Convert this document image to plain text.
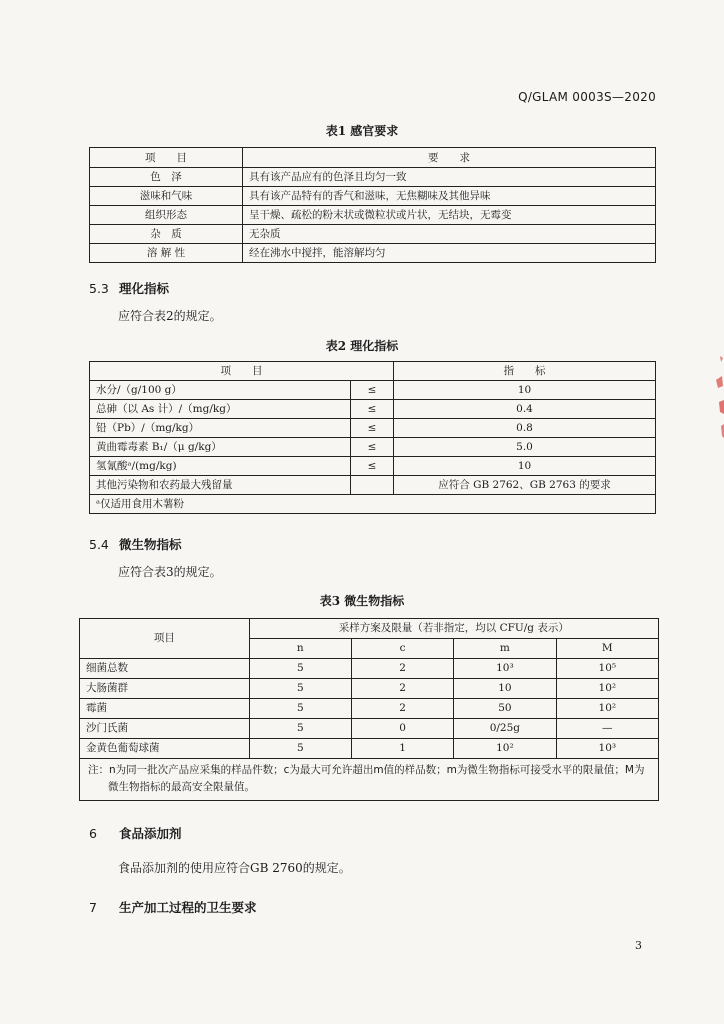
Q/GLAM 0003S—2020
表1 感官要求
项　　目	要　　求
色　泽	具有该产品应有的色泽且均匀一致
滋味和气味	具有该产品特有的香气和滋味，无焦糊味及其他异味
组织形态	呈干燥、疏松的粉末状或微粒状或片状，无结块，无霉变
杂　质	无杂质
溶 解 性	经在沸水中搅拌，能溶解均匀
5.3 理化指标
应符合表2的规定。
表2 理化指标
项　　目		指　　标
水分/（g/100 g）	≤	10
总砷（以 As 计）/（mg/kg）	≤	0.4
铅（Pb）/（mg/kg）	≤	0.8
黄曲霉毒素 B₁/（μ g/kg）	≤	5.0
氢氰酸ᵃ/(mg/kg)	≤	10
其他污染物和农药最大残留量		应符合 GB 2762、GB 2763 的要求
ᵃ仅适用食用木薯粉		
5.4 微生物指标
应符合表3的规定。
表3 微生物指标
项目	采样方案及限量（若非指定，均以 CFU/g 表示）			
	n	c	m	M
细菌总数	5	2	10³	10⁵
大肠菌群	5	2	10	10²
霉菌	5	2	50	10²
沙门氏菌	5	0	0/25g	—
金黄色葡萄球菌	5	1	10²	10³
注：n为同一批次产品应采集的样品件数；c为最大可允许超出m值的样品数；m为微生物指标可接受水平的限量值；M为微生物指标的最高安全限量值。				
6 食品添加剂
食品添加剂的使用应符合GB 2760的规定。
7 生产加工过程的卫生要求
3
